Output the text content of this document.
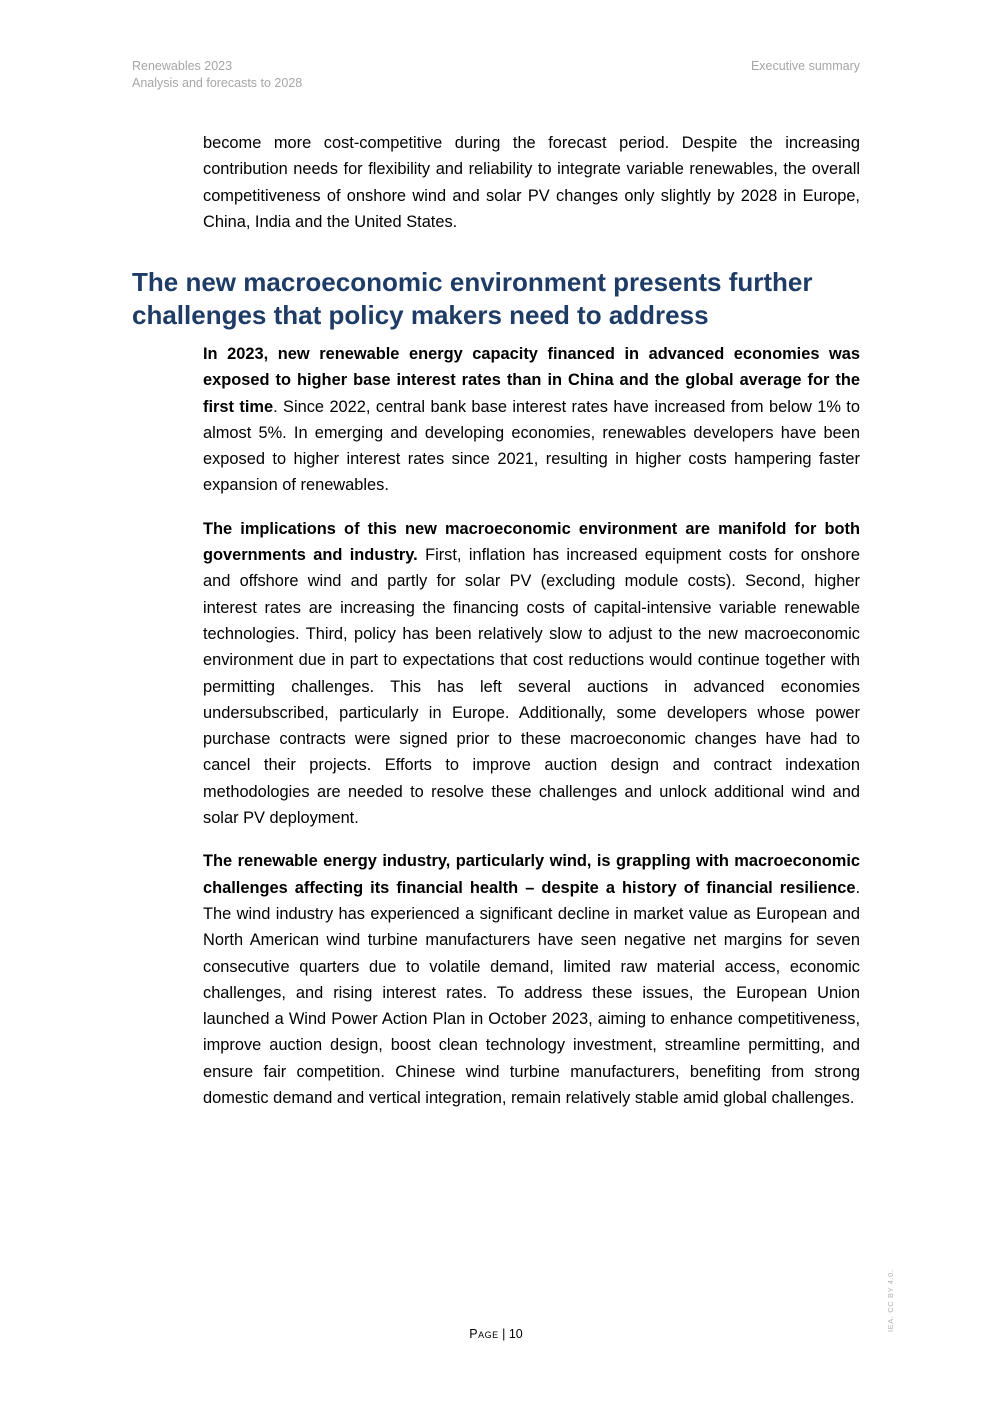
Renewables 2023
Analysis and forecasts to 2028
Executive summary

become more cost-competitive during the forecast period. Despite the increasing contribution needs for flexibility and reliability to integrate variable renewables, the overall competitiveness of onshore wind and solar PV changes only slightly by 2028 in Europe, China, India and the United States.

The new macroeconomic environment presents further challenges that policy makers need to address

In 2023, new renewable energy capacity financed in advanced economies was exposed to higher base interest rates than in China and the global average for the first time. Since 2022, central bank base interest rates have increased from below 1% to almost 5%. In emerging and developing economies, renewables developers have been exposed to higher interest rates since 2021, resulting in higher costs hampering faster expansion of renewables.

The implications of this new macroeconomic environment are manifold for both governments and industry. First, inflation has increased equipment costs for onshore and offshore wind and partly for solar PV (excluding module costs). Second, higher interest rates are increasing the financing costs of capital-intensive variable renewable technologies. Third, policy has been relatively slow to adjust to the new macroeconomic environment due in part to expectations that cost reductions would continue together with permitting challenges. This has left several auctions in advanced economies undersubscribed, particularly in Europe. Additionally, some developers whose power purchase contracts were signed prior to these macroeconomic changes have had to cancel their projects. Efforts to improve auction design and contract indexation methodologies are needed to resolve these challenges and unlock additional wind and solar PV deployment.

The renewable energy industry, particularly wind, is grappling with macroeconomic challenges affecting its financial health – despite a history of financial resilience. The wind industry has experienced a significant decline in market value as European and North American wind turbine manufacturers have seen negative net margins for seven consecutive quarters due to volatile demand, limited raw material access, economic challenges, and rising interest rates. To address these issues, the European Union launched a Wind Power Action Plan in October 2023, aiming to enhance competitiveness, improve auction design, boost clean technology investment, streamline permitting, and ensure fair competition. Chinese wind turbine manufacturers, benefiting from strong domestic demand and vertical integration, remain relatively stable amid global challenges.

Page | 10
IEA. CC BY 4.0.
